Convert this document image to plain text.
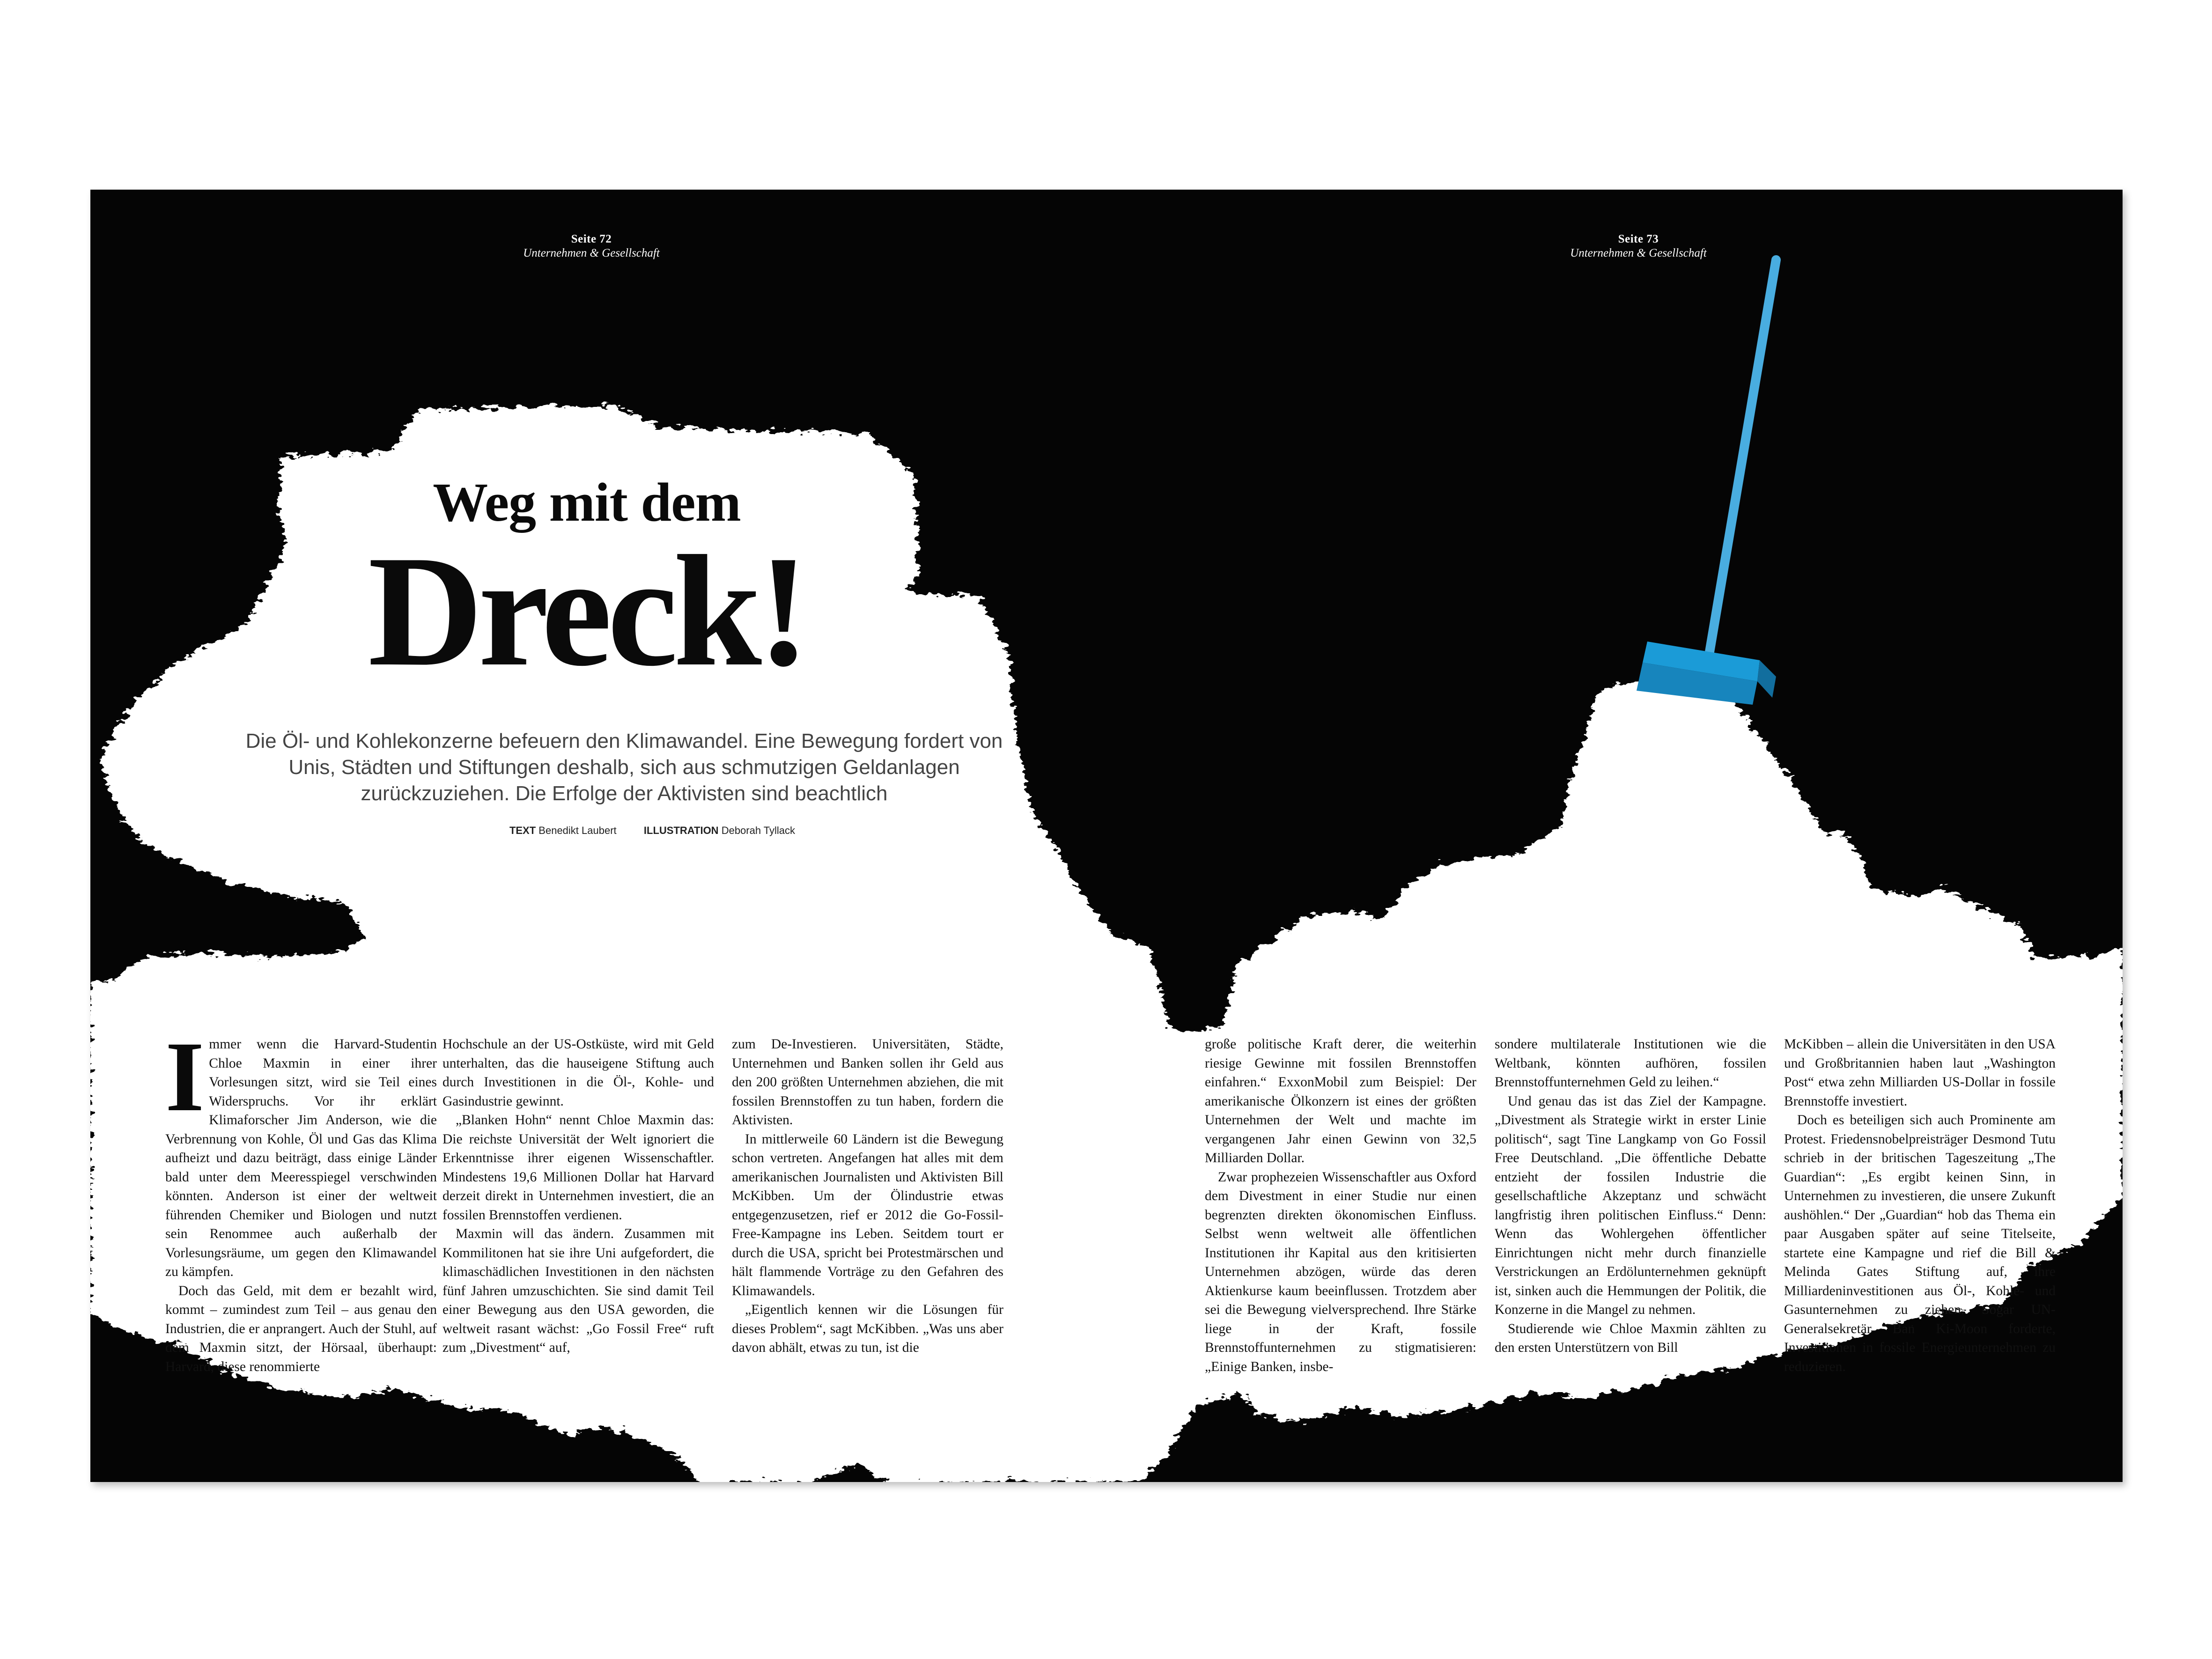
Seite 72
Unternehmen & Gesellschaft
Seite 73
Unternehmen & Gesellschaft
Weg mit dem
Dreck!
Die Öl- und Kohlekonzerne befeuern den Klimawandel. Eine Bewegung fordert von Unis, Städten und Stiftungen deshalb, sich aus schmutzigen Geldanlagen zurückzuziehen. Die Erfolge der Aktivisten sind beachtlich
TEXT Benedikt Laubert	ILLUSTRATION Deborah Tyllack
I mmer wenn die Harvard-Studentin Chloe Maxmin in einer ihrer Vorlesungen sitzt, wird sie Teil eines Widerspruchs. Vor ihr erklärt Klimaforscher Jim Anderson, wie die Verbrennung von Kohle, Öl und Gas das Klima aufheizt und dazu beiträgt, dass einige Länder bald unter dem Meeresspiegel verschwinden könnten. Anderson ist einer der weltweit führenden Chemiker und Biologen und nutzt sein Renommee auch außerhalb der Vorlesungsräume, um gegen den Klimawandel zu kämpfen.

Doch das Geld, mit dem er bezahlt wird, kommt – zumindest zum Teil – aus genau den Industrien, die er anprangert. Auch der Stuhl, auf dem Maxmin sitzt, der Hörsaal, überhaupt: Harvard, diese renommierte

Hochschule an der US-Ostküste, wird mit Geld unterhalten, das die hauseigene Stiftung auch durch Investitionen in die Öl-, Kohle- und Gasindustrie gewinnt.

„Blanken Hohn“ nennt Chloe Maxmin das: Die reichste Universität der Welt ignoriert die Erkenntnisse ihrer eigenen Wissenschaftler. Mindestens 19,6 Millionen Dollar hat Harvard derzeit direkt in Unternehmen investiert, die an fossilen Brennstoffen verdienen.

Maxmin will das ändern. Zusammen mit Kommilitonen hat sie ihre Uni aufgefordert, die klimaschädlichen Investitionen in den nächsten fünf Jahren umzuschichten. Sie sind damit Teil einer Bewegung aus den USA geworden, die weltweit rasant wächst: „Go Fossil Free“ ruft zum „Divestment“ auf,

zum De-Investieren. Universitäten, Städte, Unternehmen und Banken sollen ihr Geld aus den 200 größten Unternehmen abziehen, die mit fossilen Brennstoffen zu tun haben, fordern die Aktivisten.

In mittlerweile 60 Ländern ist die Bewegung schon vertreten. Angefangen hat alles mit dem amerikanischen Journalisten und Aktivisten Bill McKibben. Um der Ölindustrie etwas entgegenzusetzen, rief er 2012 die Go-Fossil-Free-Kampagne ins Leben. Seitdem tourt er durch die USA, spricht bei Protestmärschen und hält flammende Vorträge zu den Gefahren des Klimawandels.

„Eigentlich kennen wir die Lösungen für dieses Problem“, sagt McKibben. „Was uns aber davon abhält, etwas zu tun, ist die

große politische Kraft derer, die weiterhin riesige Gewinne mit fossilen Brennstoffen einfahren.“ ExxonMobil zum Beispiel: Der amerikanische Ölkonzern ist eines der größten Unternehmen der Welt und machte im vergangenen Jahr einen Gewinn von 32,5 Milliarden Dollar.

Zwar prophezeien Wissenschaftler aus Oxford dem Divestment in einer Studie nur einen begrenzten direkten ökonomischen Einfluss. Selbst wenn weltweit alle öffentlichen Institutionen ihr Kapital aus den kritisierten Unternehmen abzögen, würde das deren Aktienkurse kaum beeinflussen. Trotzdem aber sei die Bewegung vielversprechend. Ihre Stärke liege in der Kraft, fossile Brennstoffunternehmen zu stigmatisieren: „Einige Banken, insbe-

sondere multilaterale Institutionen wie die Weltbank, könnten aufhören, fossilen Brennstoffunternehmen Geld zu leihen.“

Und genau das ist das Ziel der Kampagne. „Divestment als Strategie wirkt in erster Linie politisch“, sagt Tine Langkamp von Go Fossil Free Deutschland. „Die öffentliche Debatte entzieht der fossilen Industrie die gesellschaftliche Akzeptanz und schwächt langfristig ihren politischen Einfluss.“ Denn: Wenn das Wohlergehen öffentlicher Einrichtungen nicht mehr durch finanzielle Verstrickungen an Erdölunternehmen geknüpft ist, sinken auch die Hemmungen der Politik, die Konzerne in die Mangel zu nehmen.

Studierende wie Chloe Maxmin zählten zu den ersten Unterstützern von Bill

McKibben – allein die Universitäten in den USA und Großbritannien haben laut „Washington Post“ etwa zehn Milliarden US-Dollar in fossile Brennstoffe investiert.

Doch es beteiligen sich auch Prominente am Protest. Friedensnobelpreisträger Desmond Tutu schrieb in der britischen Tageszeitung „The Guardian“: „Es ergibt keinen Sinn, in Unternehmen zu investieren, die unsere Zukunft aushöhlen.“ Der „Guardian“ hob das Thema ein paar Ausgaben später auf seine Titelseite, startete eine Kampagne und rief die Bill & Melinda Gates Stiftung auf, ihre Milliardeninvestitionen aus Öl-, Kohle- und Gasunternehmen zu ziehen. Sogar UN-Generalsekretär Ban Ki-Moon forderte, Investitionen in fossile Energieunternehmen zu reduzieren.
